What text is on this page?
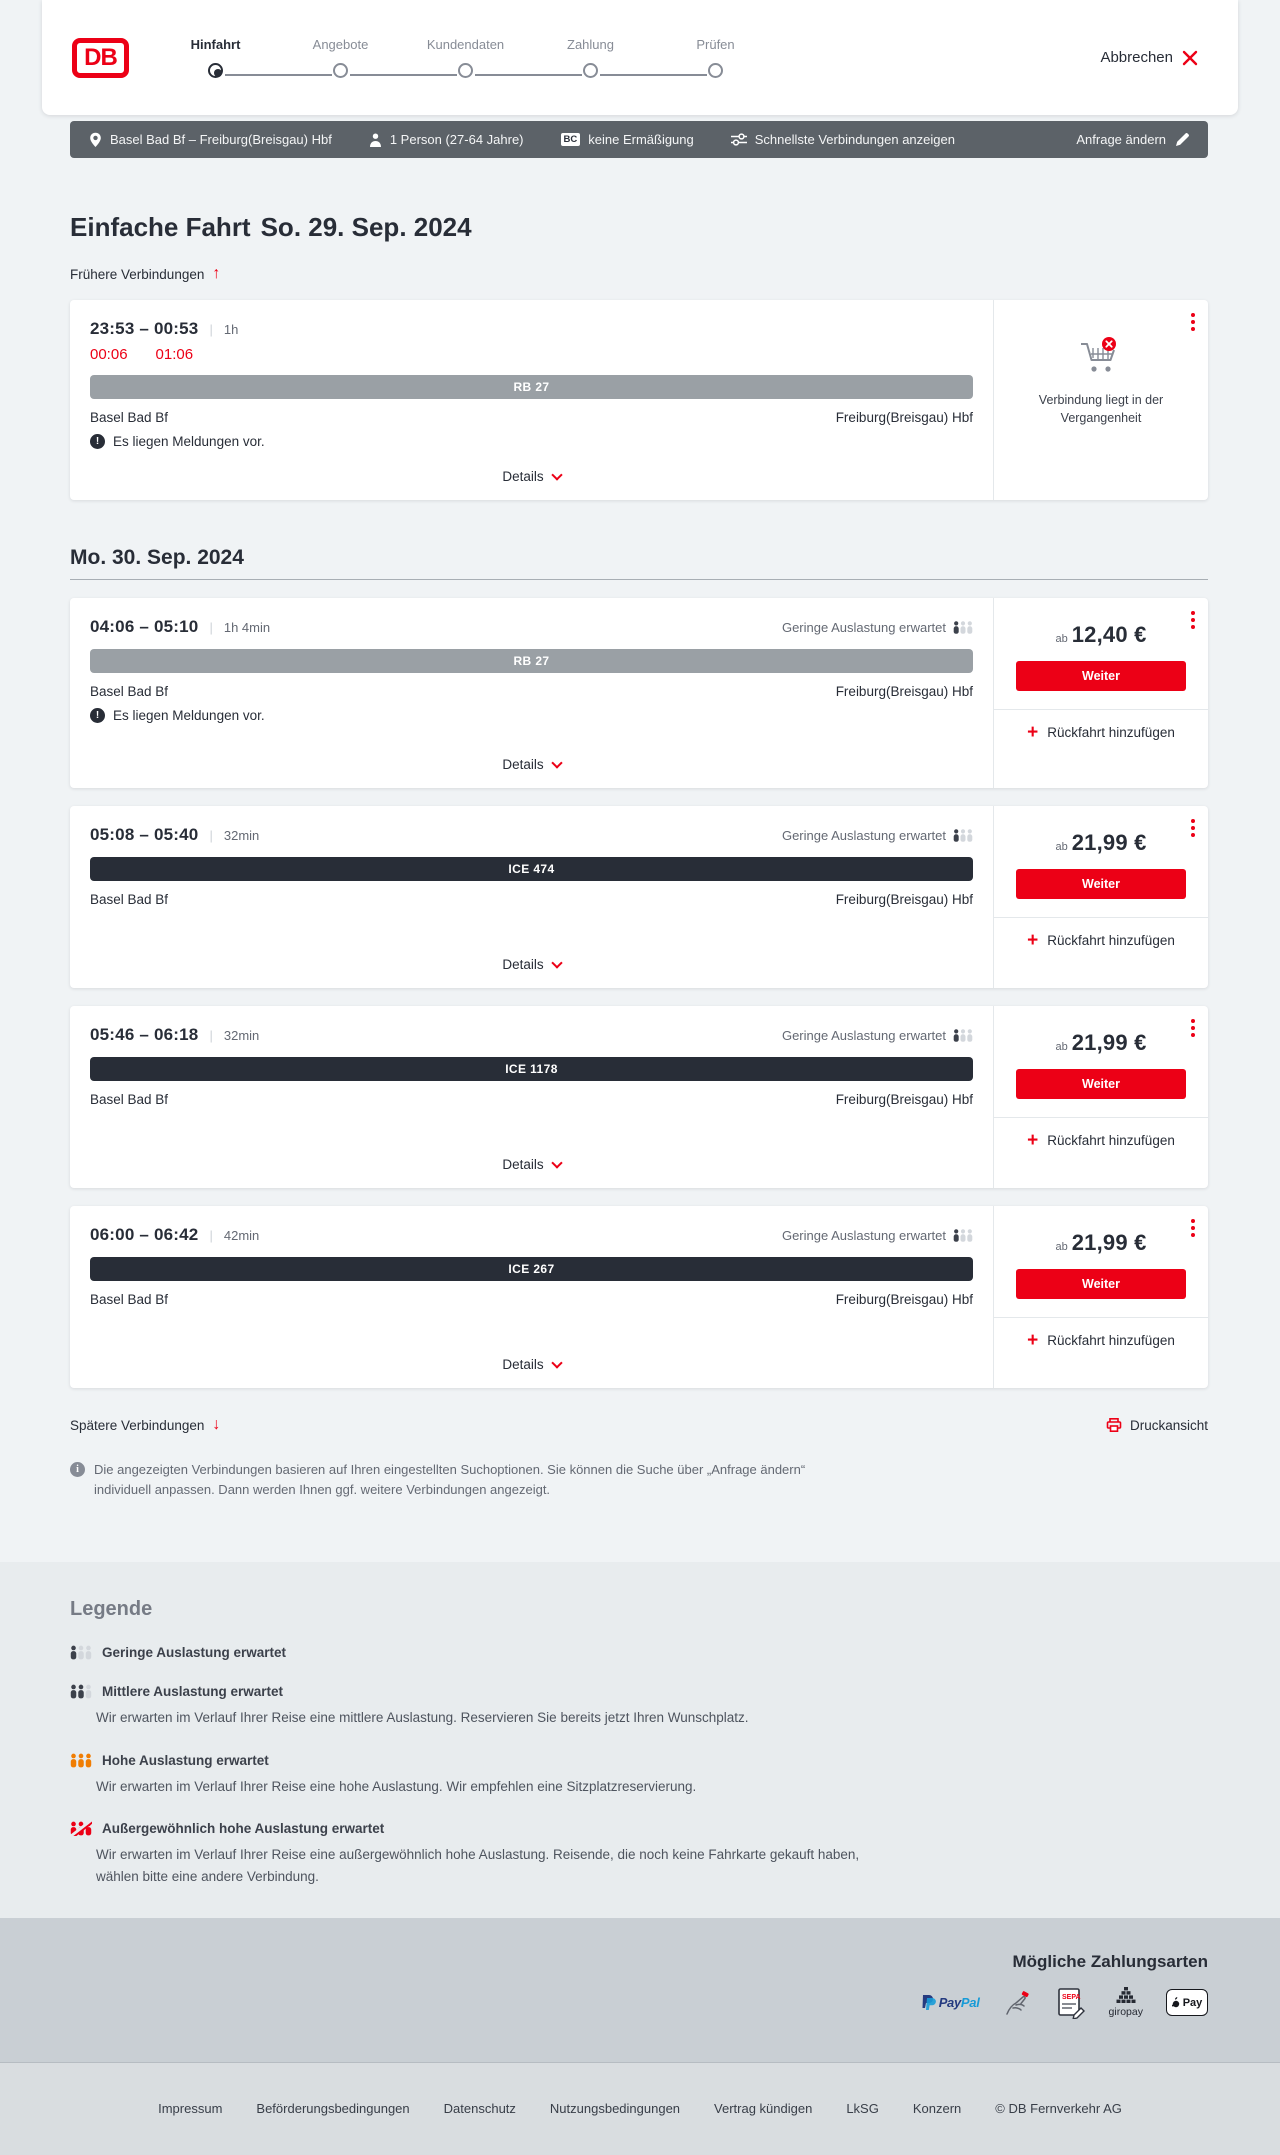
DB	Hinfahrt	Angebote	Kundendaten	Zahlung	Prüfen
Abbrechen
Basel Bad Bf – Freiburg(Breisgau) Hbf	1 Person (27-64 Jahre)	BC keine Ermäßigung	Schnellste Verbindungen anzeigen	Anfrage ändern
Einfache Fahrt So. 29. Sep. 2024
Frühere Verbindungen ↑
23:53 – 00:53 | 1h
00:06 01:06
RB 27
Basel Bad Bf	Freiburg(Breisgau) Hbf
!	Es liegen Meldungen vor.
Details
Verbindung liegt in der Vergangenheit
Mo. 30. Sep. 2024
04:06 – 05:10 | 1h 4min	Geringe Auslastung erwartet
RB 27
Basel Bad Bf	Freiburg(Breisgau) Hbf
!	Es liegen Meldungen vor.
Details
ab 12,40 €
Weiter
+ Rückfahrt hinzufügen
05:08 – 05:40 | 32min	Geringe Auslastung erwartet
ICE 474
Basel Bad Bf	Freiburg(Breisgau) Hbf
Details
ab 21,99 €
Weiter
+ Rückfahrt hinzufügen
05:46 – 06:18 | 32min	Geringe Auslastung erwartet
ICE 1178
Basel Bad Bf	Freiburg(Breisgau) Hbf
Details
ab 21,99 €
Weiter
+ Rückfahrt hinzufügen
06:00 – 06:42 | 42min	Geringe Auslastung erwartet
ICE 267
Basel Bad Bf	Freiburg(Breisgau) Hbf
Details
ab 21,99 €
Weiter
+ Rückfahrt hinzufügen
Spätere Verbindungen ↓	Druckansicht
i	Die angezeigten Verbindungen basieren auf Ihren eingestellten Suchoptionen. Sie können die Suche über „Anfrage ändern“ individuell anpassen. Dann werden Ihnen ggf. weitere Verbindungen angezeigt.
Legende
Geringe Auslastung erwartet
Mittlere Auslastung erwartet
Wir erwarten im Verlauf Ihrer Reise eine mittlere Auslastung. Reservieren Sie bereits jetzt Ihren Wunschplatz.
Hohe Auslastung erwartet
Wir erwarten im Verlauf Ihrer Reise eine hohe Auslastung. Wir empfehlen eine Sitzplatzreservierung.
Außergewöhnlich hohe Auslastung erwartet
Wir erwarten im Verlauf Ihrer Reise eine außergewöhnlich hohe Auslastung. Reisende, die noch keine Fahrkarte gekauft haben, wählen bitte eine andere Verbindung.
Mögliche Zahlungsarten
PayPal	SEPA
giropay
Pay
Impressum	Beförderungsbedingungen	Datenschutz	Nutzungsbedingungen	Vertrag kündigen	LkSG	Konzern	© DB Fernverkehr AG
